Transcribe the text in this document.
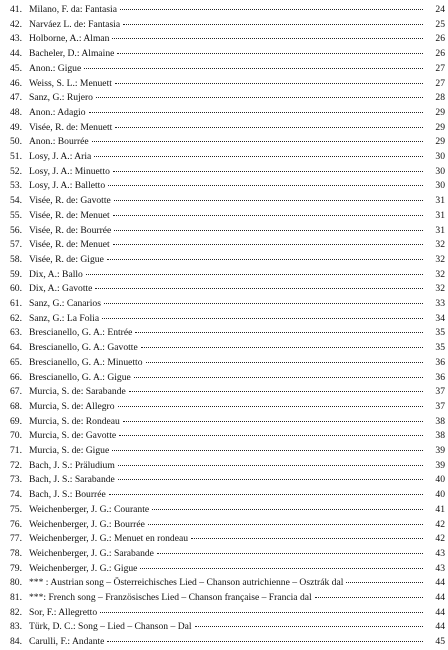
41. Milano, F. da: Fantasia	24
42. Narváez L. de: Fantasia	25
43. Holborne, A.: Alman	26
44. Bacheler, D.: Almaine	26
45. Anon.: Gigue	27
46. Weiss, S. L.: Menuett	27
47. Sanz, G.: Rujero	28
48. Anon.: Adagio	29
49. Visée, R. de: Menuett	29
50. Anon.: Bourrée	29
51. Losy, J. A.: Aria	30
52. Losy, J. A.: Minuetto	30
53. Losy, J. A.: Balletto	30
54. Visée, R. de: Gavotte	31
55. Visée, R. de: Menuet	31
56. Visée, R. de: Bourrée	31
57. Visée, R. de: Menuet	32
58. Visée, R. de: Gigue	32
59. Dix, A.: Ballo	32
60. Dix, A.: Gavotte	32
61. Sanz, G.: Canarios	33
62. Sanz, G.: La Folia	34
63. Brescianello, G. A.: Entrée	35
64. Brescianello, G. A.: Gavotte	35
65. Brescianello, G. A.: Minuetto	36
66. Brescianello, G. A.: Gigue	36
67. Murcia, S. de: Sarabande	37
68. Murcia, S. de: Allegro	37
69. Murcia, S. de: Rondeau	38
70. Murcia, S. de: Gavotte	38
71. Murcia, S. de: Gigue	39
72. Bach, J. S.: Präludium	39
73. Bach, J. S.: Sarabande	40
74. Bach, J. S.: Bourrée	40
75. Weichenberger, J. G.: Courante	41
76. Weichenberger, J. G.: Bourrée	42
77. Weichenberger, J. G.: Menuet en rondeau	42
78. Weichenberger, J. G.: Sarabande	43
79. Weichenberger, J. G.: Gigue	43
80. *** : Austrian song – Österreichisches Lied – Chanson autrichienne – Osztrák dal	44
81. ***: French song – Französisches Lied – Chanson française – Francia dal	44
82. Sor, F.: Allegretto	44
83. Türk, D. C.: Song – Lied – Chanson – Dal	44
84. Carulli, F.: Andante	45
